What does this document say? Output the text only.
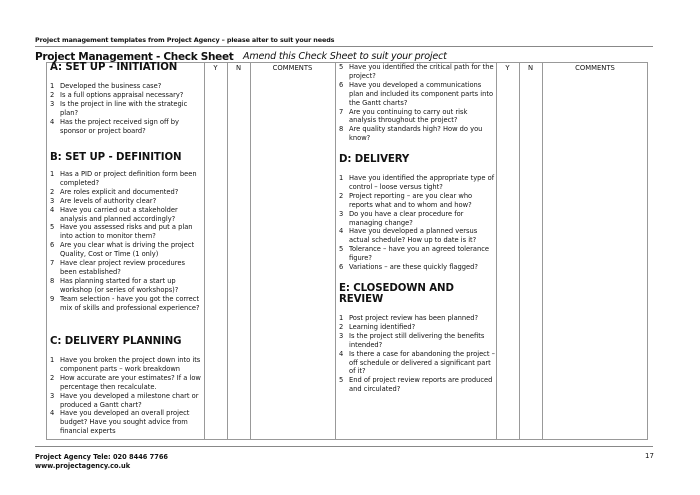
Project management templates from Project Agency – please alter to suit your needs
Project Management - Check Sheet Amend this Check Sheet to suit your project
Y	N	COMMENTS	Y	N	COMMENTS
A: SET UP - INITIATION
1 Developed the business case?
2 Is a full options appraisal necessary?
3 Is the project in line with the strategic plan?
4 Has the project received sign off by sponsor or project board?
B: SET UP - DEFINITION
1 Has a PID or project definition form been completed?
2 Are roles explicit and documented?
3 Are levels of authority clear?
4 Have you carried out a stakeholder analysis and planned accordingly?
5 Have you assessed risks and put a plan into action to monitor them?
6 Are you clear what is driving the project Quality, Cost or Time (1 only)
7 Have clear project review procedures been established?
8 Has planning started for a start up workshop (or series of workshops)?
9 Team selection - have you got the correct mix of skills and professional experience?
C: DELIVERY PLANNING
1 Have you broken the project down into its component parts – work breakdown
2 How accurate are your estimates? If a low percentage then recalculate.
3 Have you developed a milestone chart or produced a Gantt chart?
4 Have you developed an overall project budget? Have you sought advice from financial experts
5 Have you identified the critical path for the project?
6 Have you developed a communications plan and included its component parts into the Gantt charts?
7 Are you continuing to carry out risk analysis throughout the project?
8 Are quality standards high? How do you know?
D: DELIVERY
1 Have you identified the appropriate type of control – loose versus tight?
2 Project reporting – are you clear who reports what and to whom and how?
3 Do you have a clear procedure for managing change?
4 Have you developed a planned versus actual schedule? How up to date is it?
5 Tolerance – have you an agreed tolerance figure?
6 Variations – are these quickly flagged?
E: CLOSEDOWN AND REVIEW
1 Post project review has been planned?
2 Learning identified?
3 Is the project still delivering the benefits intended?
4 Is there a case for abandoning the project – off schedule or delivered a significant part of it?
5 End of project review reports are produced and circulated?
Project Agency Tele: 020 8446 7766
www.projectagency.co.uk
17
